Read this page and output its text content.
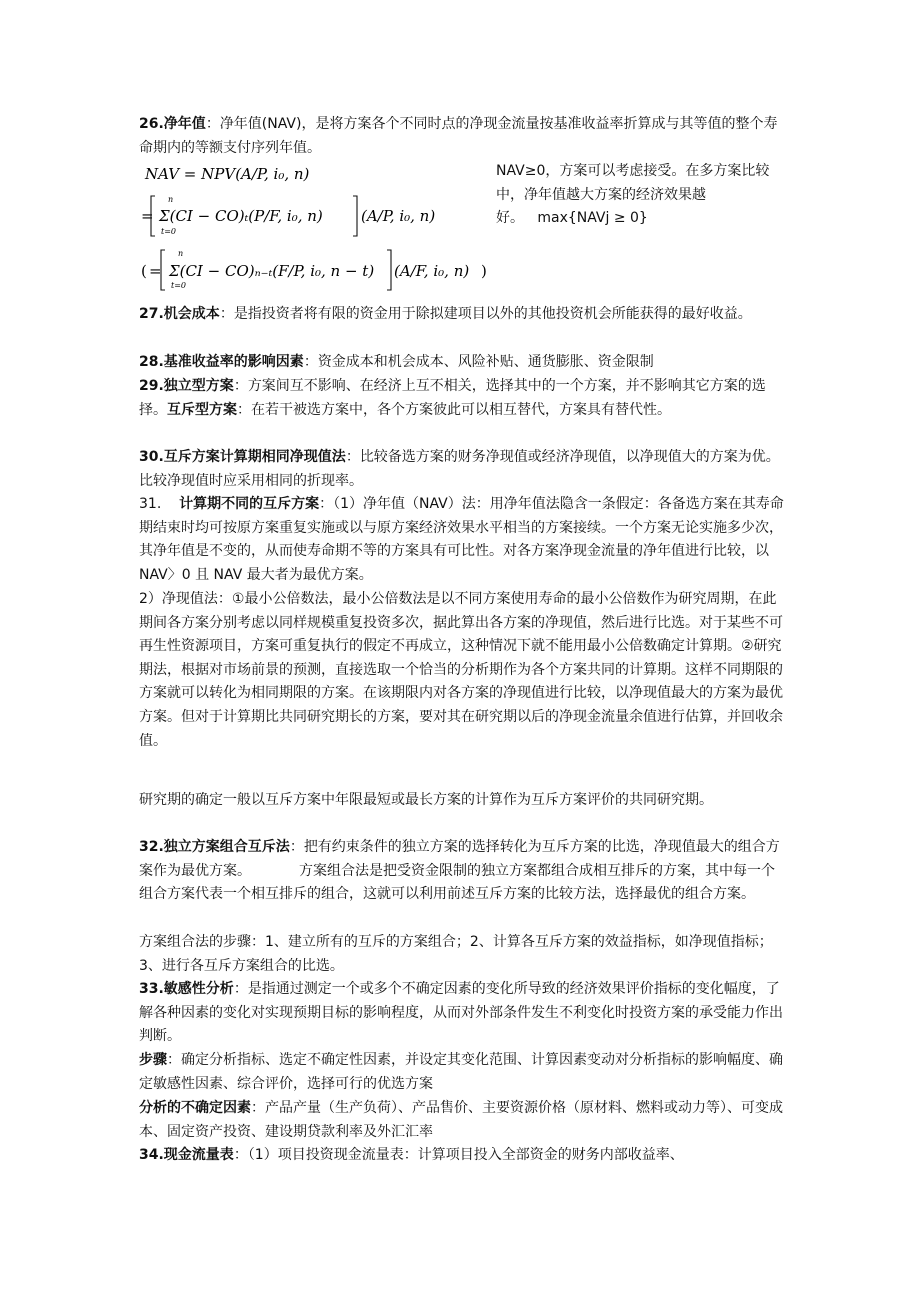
26.净年值：净年值(NAV)，是将方案各个不同时点的净现金流量按基准收益率折算成与其等值的整个寿命期内的等额支付序列年值。
NAV = NPV(A/P, i₀, n)
=
n
t=0
Σ(CI − CO)ₜ(P/F, i₀, n)	(A/P, i₀, n)
( =
n
t=0
Σ(CI − CO)ₙ₋ₜ(F/P, i₀, n − t) (A/F, i₀, n) )
NAV≥0，方案可以考虑接受。在多方案比较中，净年值越大方案的经济效果越好。 max{NAVj ≥ 0}
27.机会成本：是指投资者将有限的资金用于除拟建项目以外的其他投资机会所能获得的最好收益。
28.基准收益率的影响因素：资金成本和机会成本、风险补贴、通货膨胀、资金限制
29.独立型方案：方案间互不影响、在经济上互不相关，选择其中的一个方案，并不影响其它方案的选择。互斥型方案：在若干被选方案中，各个方案彼此可以相互替代，方案具有替代性。
30.互斥方案计算期相同净现值法：比较备选方案的财务净现值或经济净现值，以净现值大的方案为优。比较净现值时应采用相同的折现率。
31. 计算期不同的互斥方案：（1）净年值（NAV）法：用净年值法隐含一条假定：各备选方案在其寿命期结束时均可按原方案重复实施或以与原方案经济效果水平相当的方案接续。一个方案无论实施多少次，其净年值是不变的，从而使寿命期不等的方案具有可比性。对各方案净现金流量的净年值进行比较，以 NAV〉0 且 NAV 最大者为最优方案。
2）净现值法：①最小公倍数法，最小公倍数法是以不同方案使用寿命的最小公倍数作为研究周期，在此期间各方案分别考虑以同样规模重复投资多次，据此算出各方案的净现值，然后进行比选。对于某些不可再生性资源项目，方案可重复执行的假定不再成立，这种情况下就不能用最小公倍数确定计算期。②研究期法，根据对市场前景的预测，直接选取一个恰当的分析期作为各个方案共同的计算期。这样不同期限的方案就可以转化为相同期限的方案。在该期限内对各方案的净现值进行比较，以净现值最大的方案为最优方案。但对于计算期比共同研究期长的方案，要对其在研究期以后的净现金流量余值进行估算，并回收余值。
研究期的确定一般以互斥方案中年限最短或最长方案的计算作为互斥方案评价的共同研究期。
32.独立方案组合互斥法：把有约束条件的独立方案的选择转化为互斥方案的比选，净现值最大的组合方案作为最优方案。	方案组合法是把受资金限制的独立方案都组合成相互排斥的方案，其中每一个组合方案代表一个相互排斥的组合，这就可以利用前述互斥方案的比较方法，选择最优的组合方案。
方案组合法的步骤：1、建立所有的互斥的方案组合；2、计算各互斥方案的效益指标，如净现值指标；3、进行各互斥方案组合的比选。
33.敏感性分析：是指通过测定一个或多个不确定因素的变化所导致的经济效果评价指标的变化幅度，了解各种因素的变化对实现预期目标的影响程度，从而对外部条件发生不利变化时投资方案的承受能力作出判断。
步骤：确定分析指标、选定不确定性因素，并设定其变化范围、计算因素变动对分析指标的影响幅度、确定敏感性因素、综合评价，选择可行的优选方案
分析的不确定因素：产品产量（生产负荷）、产品售价、主要资源价格（原材料、燃料或动力等）、可变成本、固定资产投资、建设期贷款利率及外汇汇率
34.现金流量表：（1）项目投资现金流量表：计算项目投入全部资金的财务内部收益率、
